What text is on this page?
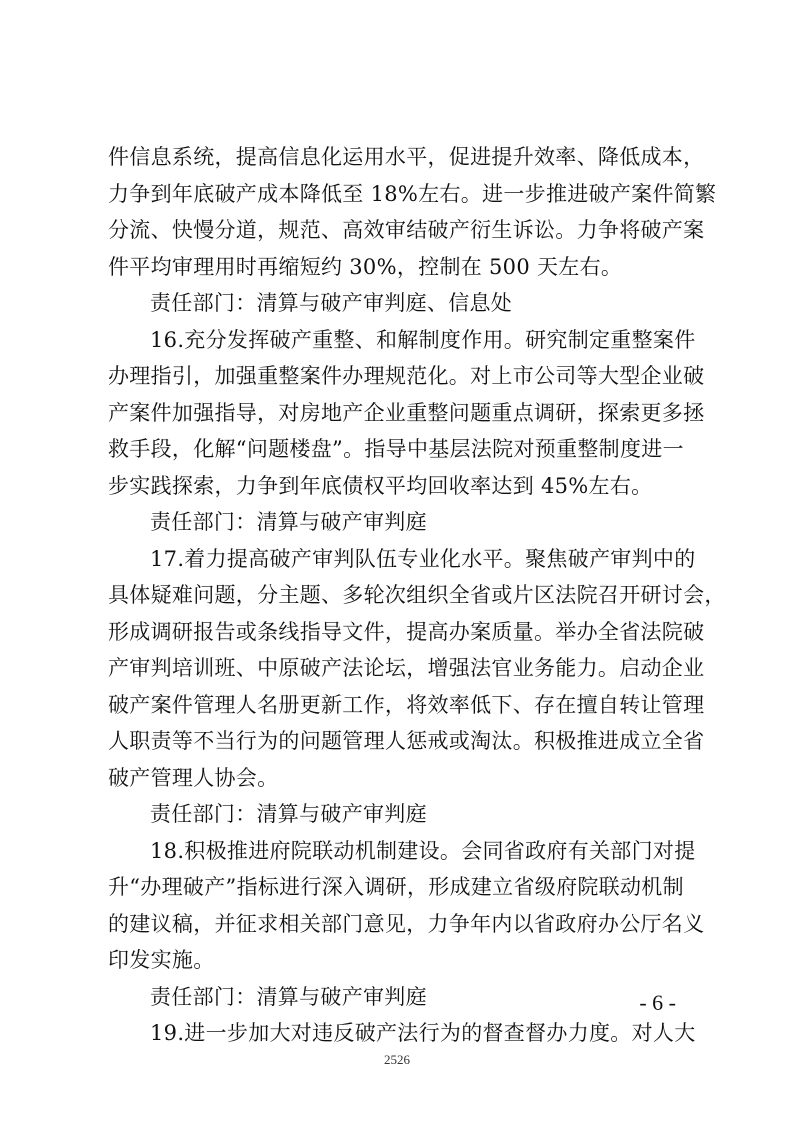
件信息系统，提高信息化运用水平，促进提升效率、降低成本，
力争到年底破产成本降低至 18%左右。进一步推进破产案件简繁
分流、快慢分道，规范、高效审结破产衍生诉讼。力争将破产案
件平均审理用时再缩短约 30%，控制在 500 天左右。
责任部门：清算与破产审判庭、信息处
16.充分发挥破产重整、和解制度作用。研究制定重整案件
办理指引，加强重整案件办理规范化。对上市公司等大型企业破
产案件加强指导，对房地产企业重整问题重点调研，探索更多拯
救手段，化解“问题楼盘”。指导中基层法院对预重整制度进一
步实践探索，力争到年底债权平均回收率达到 45%左右。
责任部门：清算与破产审判庭
17.着力提高破产审判队伍专业化水平。聚焦破产审判中的
具体疑难问题，分主题、多轮次组织全省或片区法院召开研讨会，
形成调研报告或条线指导文件，提高办案质量。举办全省法院破
产审判培训班、中原破产法论坛，增强法官业务能力。启动企业
破产案件管理人名册更新工作，将效率低下、存在擅自转让管理
人职责等不当行为的问题管理人惩戒或淘汰。积极推进成立全省
破产管理人协会。
责任部门：清算与破产审判庭
18.积极推进府院联动机制建设。会同省政府有关部门对提
升“办理破产”指标进行深入调研，形成建立省级府院联动机制
的建议稿，并征求相关部门意见，力争年内以省政府办公厅名义
印发实施。
责任部门：清算与破产审判庭
19.进一步加大对违反破产法行为的督查督办力度。对人大
- 6 -
2526
